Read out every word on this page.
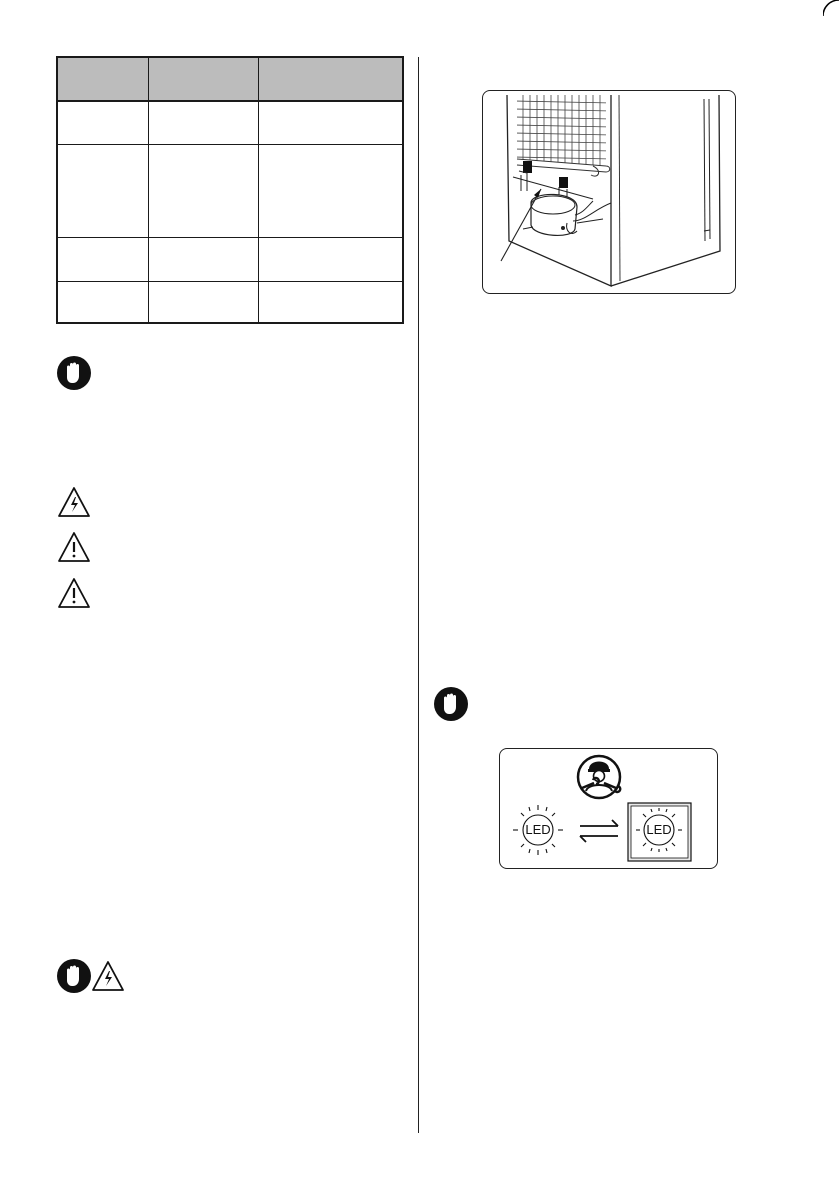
LED	LED
